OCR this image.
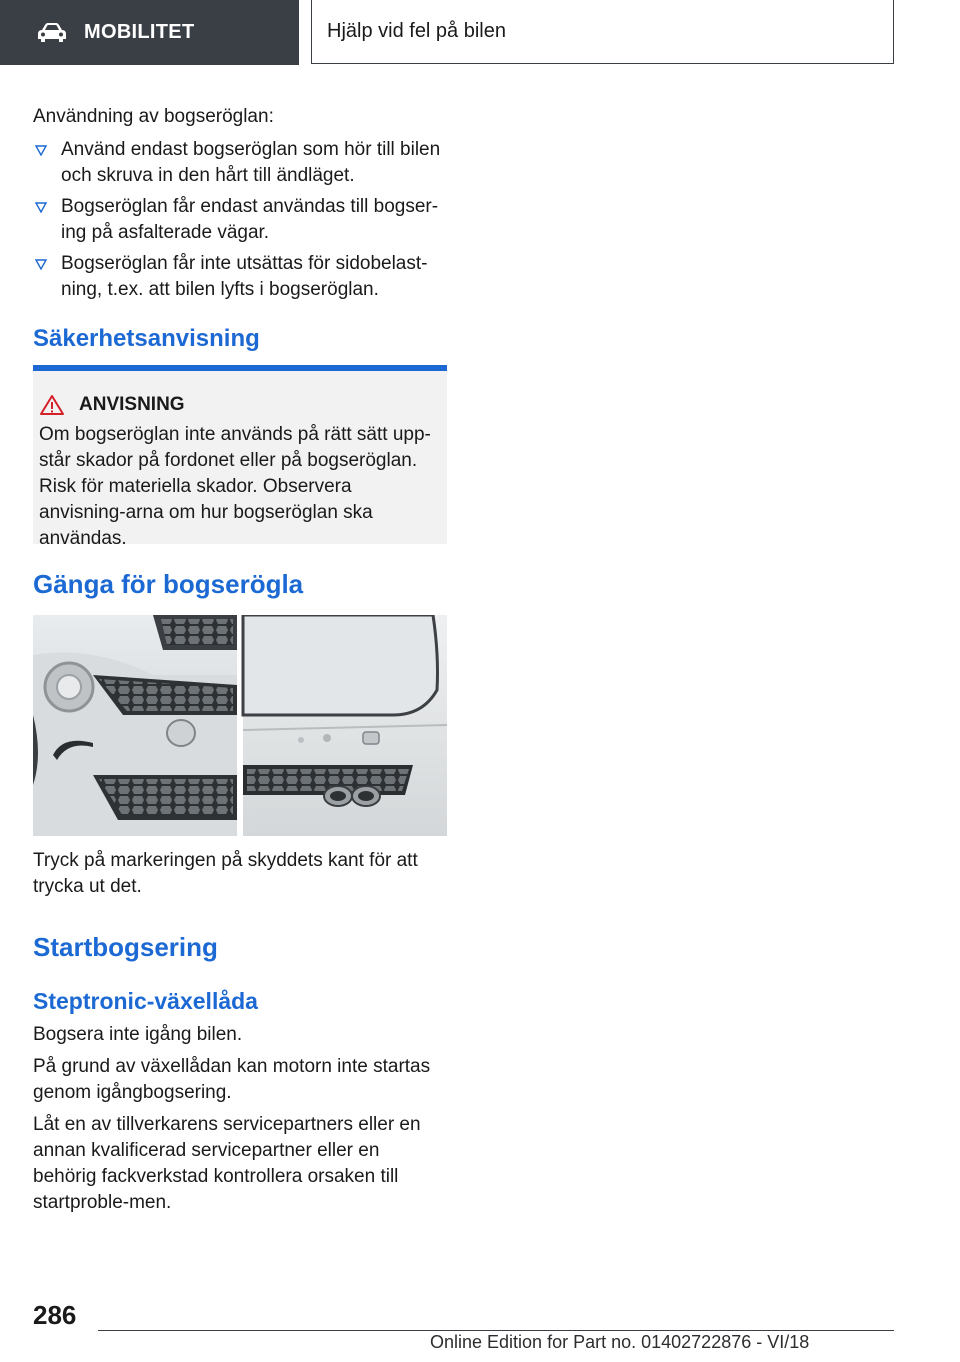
MOBILITET	Hjälp vid fel på bilen

Användning av bogseröglan:

Använd endast bogseröglan som hör till bilen och skruva in den hårt till ändläget.
Bogseröglan får endast användas till bogser‐ing på asfalterade vägar.
Bogseröglan får inte utsättas för sidobelast‐ning, t.ex. att bilen lyfts i bogseröglan.
Säkerhetsanvisning
ANVISNING
Om bogseröglan inte används på rätt sätt upp‐står skador på fordonet eller på bogseröglan. Risk för materiella skador. Observera anvisning‐arna om hur bogseröglan ska användas.
Gänga för bogserögla

Tryck på markeringen på skyddets kant för att trycka ut det.

Startbogsering
Steptronic-växellåda

Bogsera inte igång bilen.

På grund av växellådan kan motorn inte startas genom igångbogsering.

Låt en av tillverkarens servicepartners eller en annan kvalificerad servicepartner eller en behörig fackverkstad kontrollera orsaken till startproble‐men.

286
Online Edition for Part no. 01402722876 - VI/18
